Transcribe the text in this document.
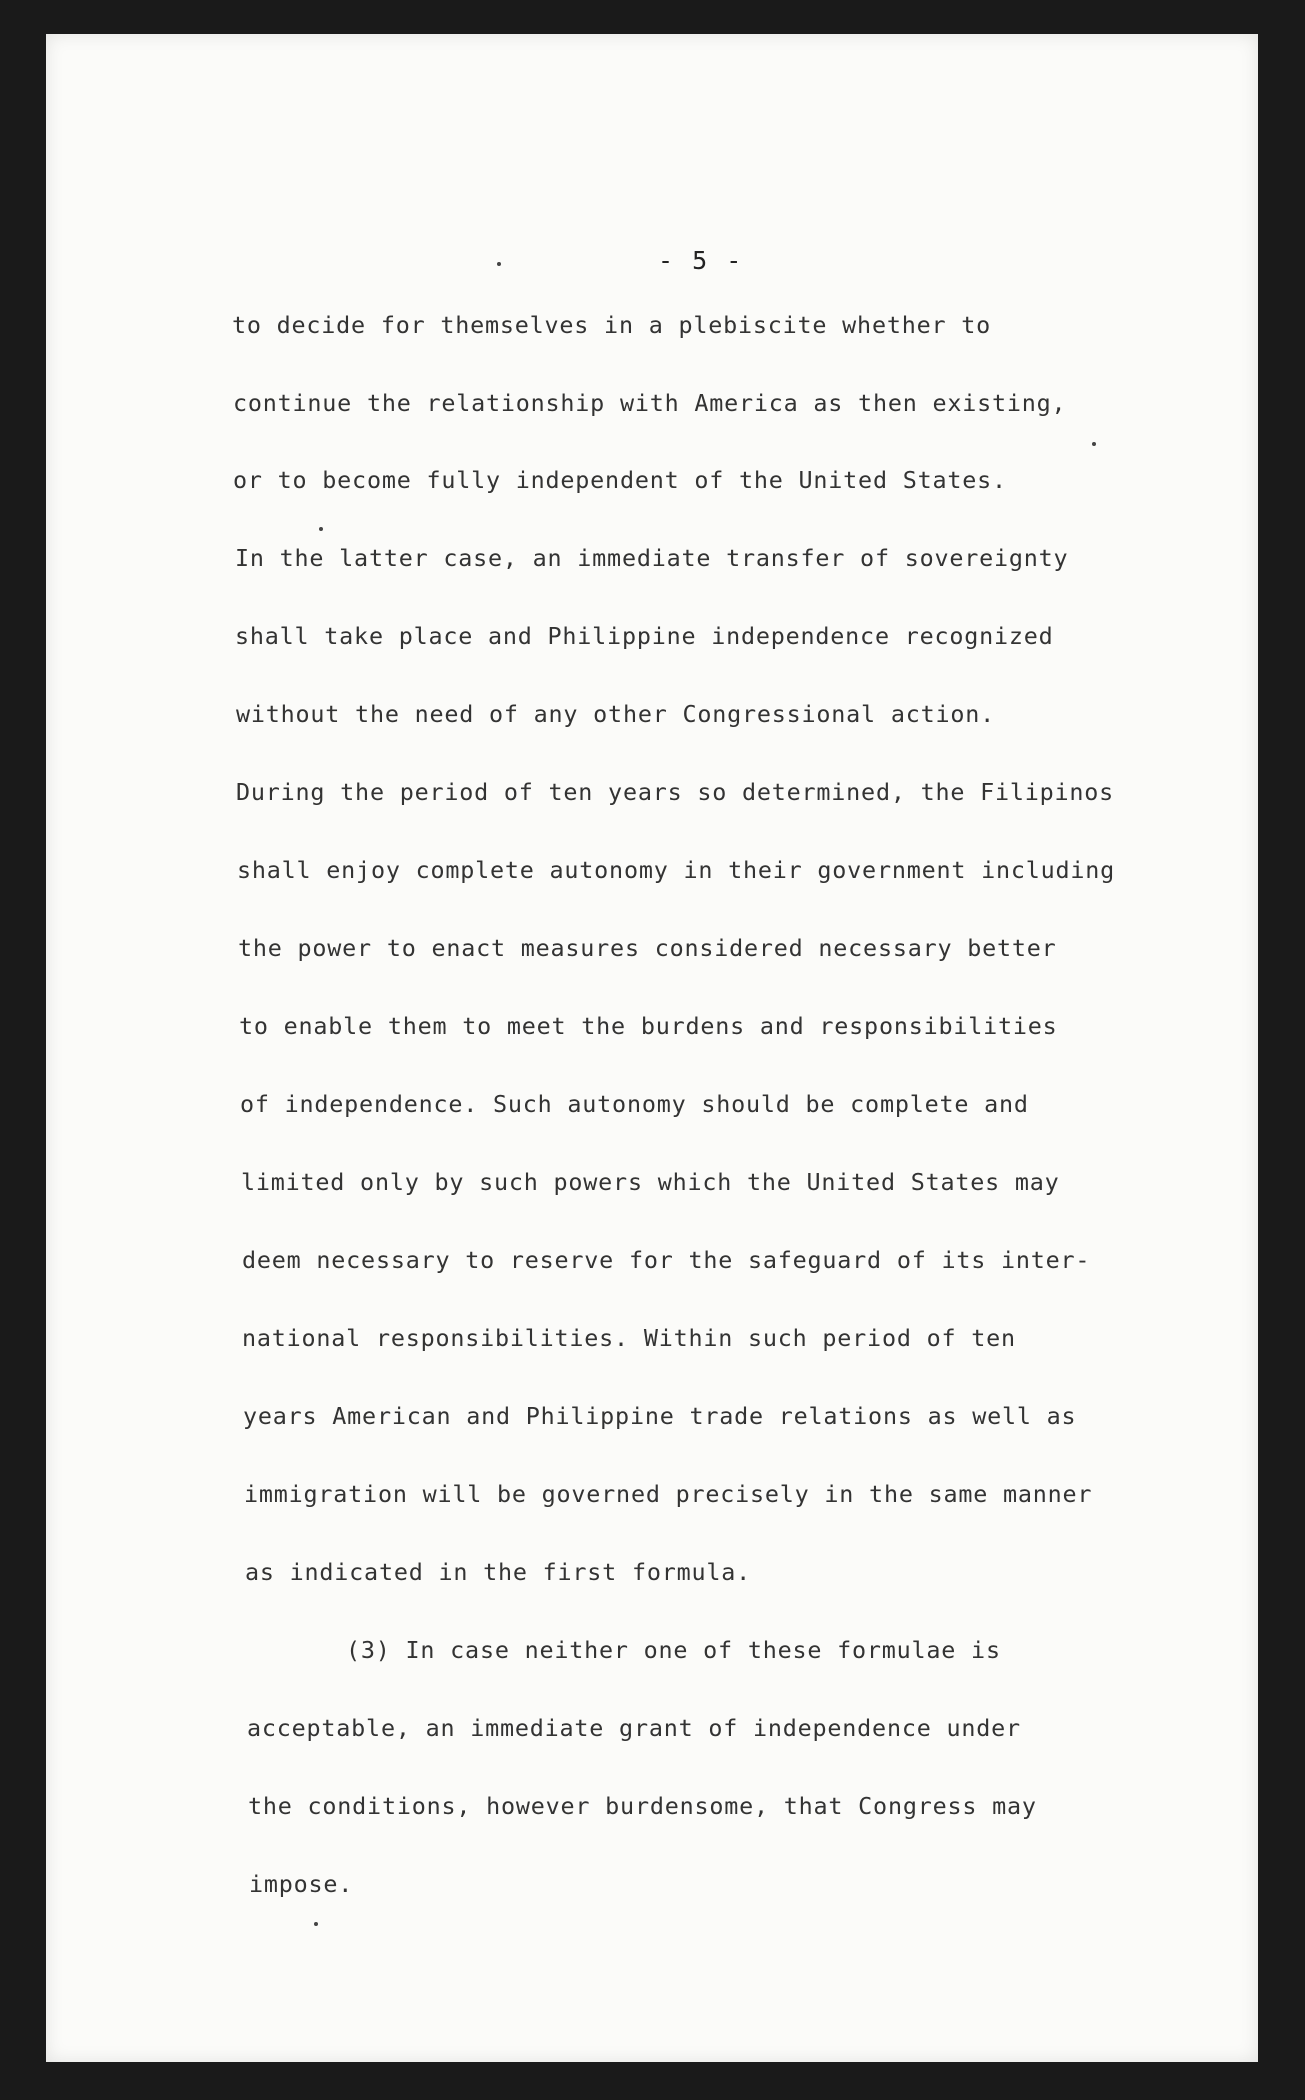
- 5 -
to decide for themselves in a plebiscite whether to
continue the relationship with America as then existing,
or to become fully independent of the United States.
In the latter case, an immediate transfer of sovereignty
shall take place and Philippine independence recognized
without the need of any other Congressional action.
During the period of ten years so determined, the Filipinos
shall enjoy complete autonomy in their government including
the power to enact measures considered necessary better
to enable them to meet the burdens and responsibilities
of independence. Such autonomy should be complete and
limited only by such powers which the United States may
deem necessary to reserve for the safeguard of its inter-
national responsibilities. Within such period of ten
years American and Philippine trade relations as well as
immigration will be governed precisely in the same manner
as indicated in the first formula.
(3) In case neither one of these formulae is
acceptable, an immediate grant of independence under
the conditions, however burdensome, that Congress may
impose.
